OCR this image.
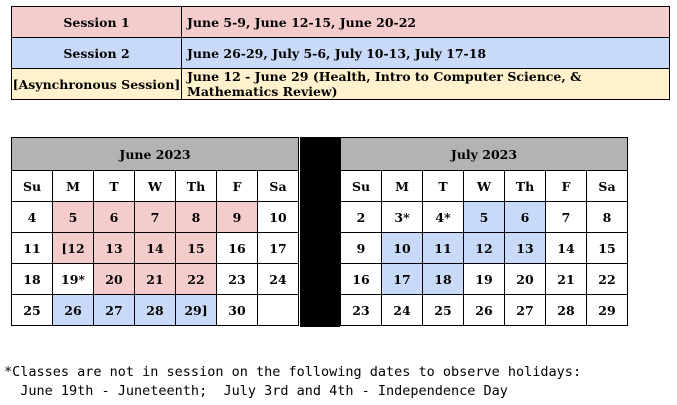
Session 1	June 5-9, June 12-15, June 20-22
Session 2	June 26-29, July 5-6, July 10-13, July 17-18
[Asynchronous Session]	June 12 - June 29 (Health, Intro to Computer Science, & Mathematics Review)
June 2023						
Su	M	T	W	Th	F	Sa
4	5	6	7	8	9	10
11	[12	13	14	15	16	17
18	19*	20	21	22	23	24
25	26	27	28	29]	30	
July 2023						
Su	M	T	W	Th	F	Sa
2	3*	4*	5	6	7	8
9	10	11	12	13	14	15
16	17	18	19	20	21	22
23	24	25	26	27	28	29
*Classes are not in session on the following dates to observe holidays:
June 19th - Juneteenth;  July 3rd and 4th - Independence Day
